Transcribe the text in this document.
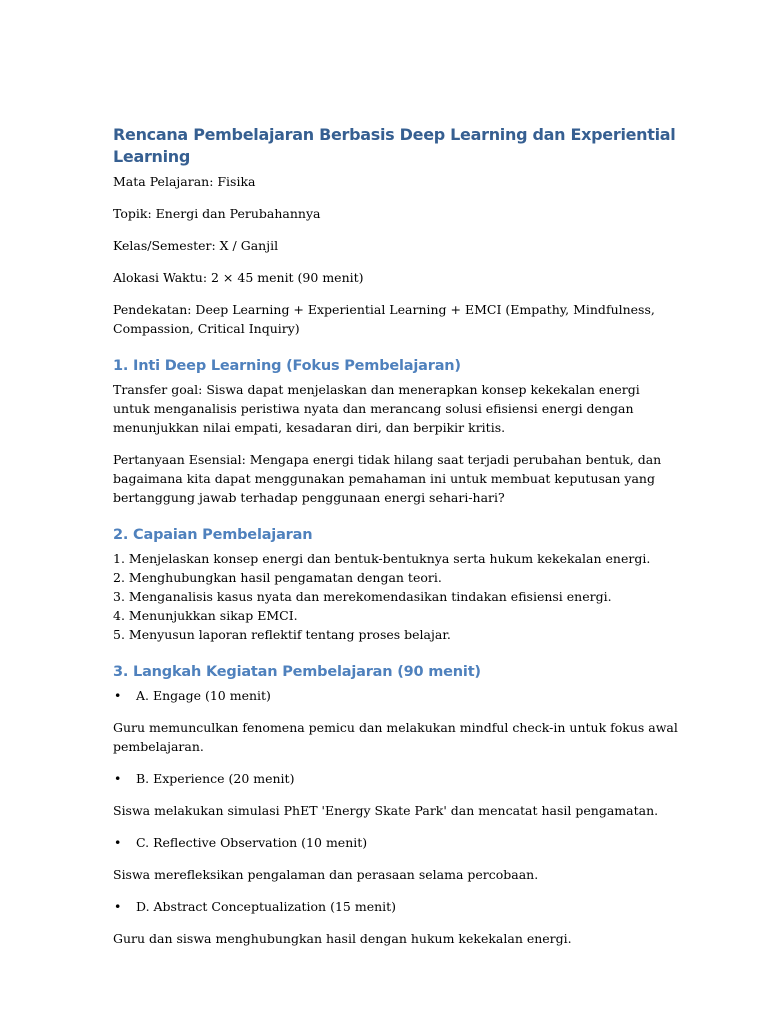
Rencana Pembelajaran Berbasis Deep Learning dan Experiential Learning

Mata Pelajaran: Fisika

Topik: Energi dan Perubahannya

Kelas/Semester: X / Ganjil

Alokasi Waktu: 2 × 45 menit (90 menit)

Pendekatan: Deep Learning + Experiential Learning + EMCI (Empathy, Mindfulness, Compassion, Critical Inquiry)

1. Inti Deep Learning (Fokus Pembelajaran)

Transfer goal: Siswa dapat menjelaskan dan menerapkan konsep kekekalan energi untuk menganalisis peristiwa nyata dan merancang solusi efisiensi energi dengan menunjukkan nilai empati, kesadaran diri, dan berpikir kritis.

Pertanyaan Esensial: Mengapa energi tidak hilang saat terjadi perubahan bentuk, dan bagaimana kita dapat menggunakan pemahaman ini untuk membuat keputusan yang bertanggung jawab terhadap penggunaan energi sehari-hari?

2. Capaian Pembelajaran
1. Menjelaskan konsep energi dan bentuk-bentuknya serta hukum kekekalan energi.
2. Menghubungkan hasil pengamatan dengan teori.
3. Menganalisis kasus nyata dan merekomendasikan tindakan efisiensi energi.
4. Menunjukkan sikap EMCI.
5. Menyusun laporan reflektif tentang proses belajar.
3. Langkah Kegiatan Pembelajaran (90 menit)
•	A. Engage (10 menit)

Guru memunculkan fenomena pemicu dan melakukan mindful check-in untuk fokus awal pembelajaran.

•	B. Experience (20 menit)

Siswa melakukan simulasi PhET 'Energy Skate Park' dan mencatat hasil pengamatan.

•	C. Reflective Observation (10 menit)

Siswa merefleksikan pengalaman dan perasaan selama percobaan.

•	D. Abstract Conceptualization (15 menit)

Guru dan siswa menghubungkan hasil dengan hukum kekekalan energi.
